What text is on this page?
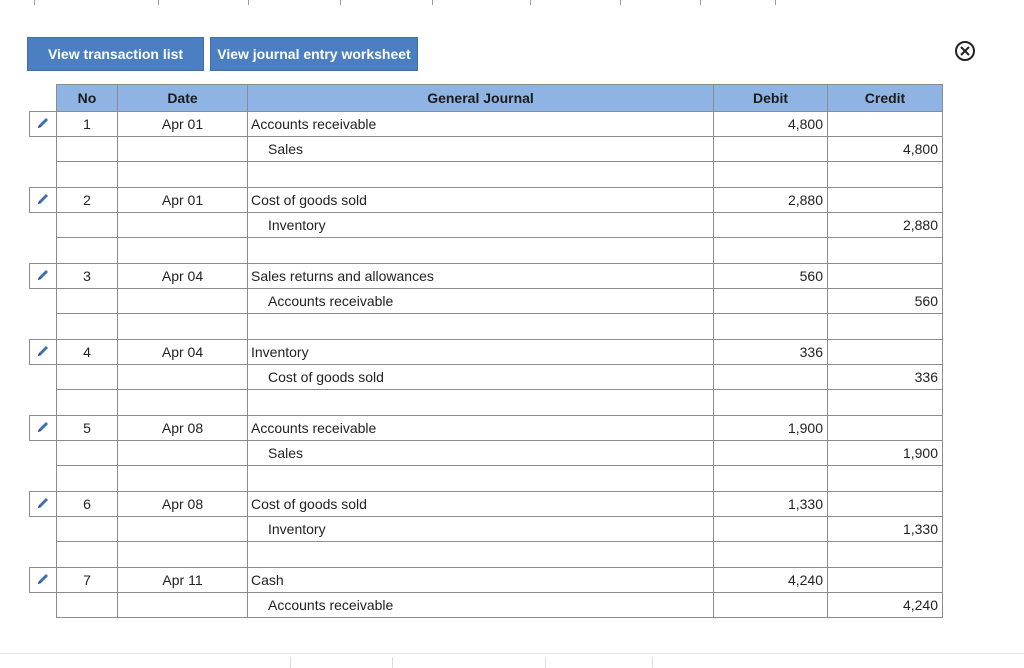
View transaction list	View journal entry worksheet
	No	Date	General Journal	Debit	Credit

	1	Apr 01	Accounts receivable	4,800	
			Sales		4,800

	2	Apr 01	Cost of goods sold	2,880	
			Inventory		2,880

	3	Apr 04	Sales returns and allowances	560	
			Accounts receivable		560

	4	Apr 04	Inventory	336	
			Cost of goods sold		336

	5	Apr 08	Accounts receivable	1,900	
			Sales		1,900

	6	Apr 08	Cost of goods sold	1,330	
			Inventory		1,330

	7	Apr 11	Cash	4,240	
			Accounts receivable		4,240
